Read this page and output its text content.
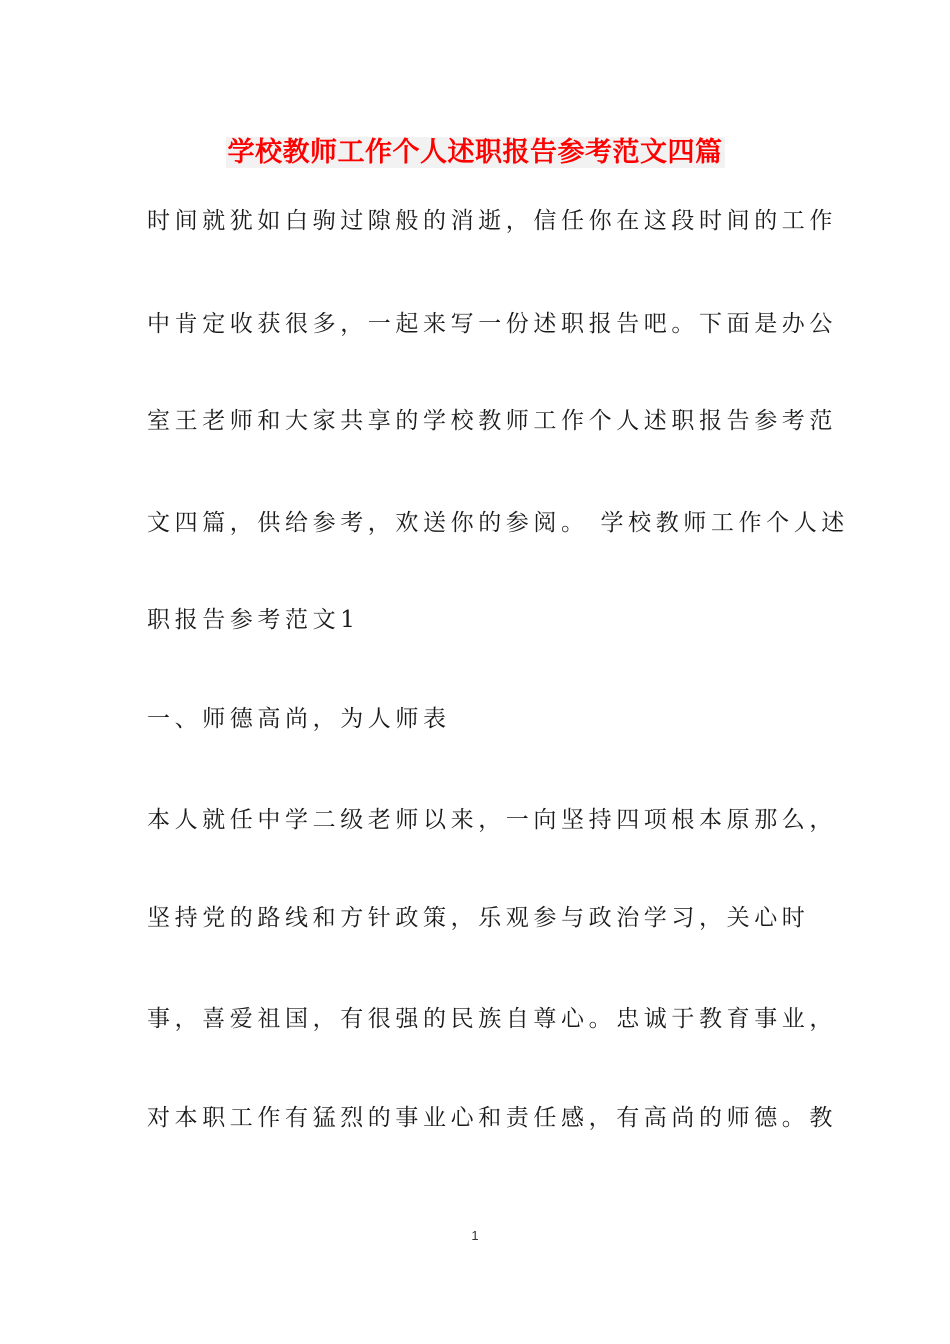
学校教师工作个人述职报告参考范文四篇
时间就犹如白驹过隙般的消逝，信任你在这段时间的工作
中肯定收获很多，一起来写一份述职报告吧。下面是办公
室王老师和大家共享的学校教师工作个人述职报告参考范
文四篇，供给参考，欢送你的参阅。 学校教师工作个人述
职报告参考范文1
一、师德高尚，为人师表
本人就任中学二级老师以来，一向坚持四项根本原那么，
坚持党的路线和方针政策，乐观参与政治学习，关心时
事，喜爱祖国，有很强的民族自尊心。忠诚于教育事业，
对本职工作有猛烈的事业心和责任感，有高尚的师德。教
1
